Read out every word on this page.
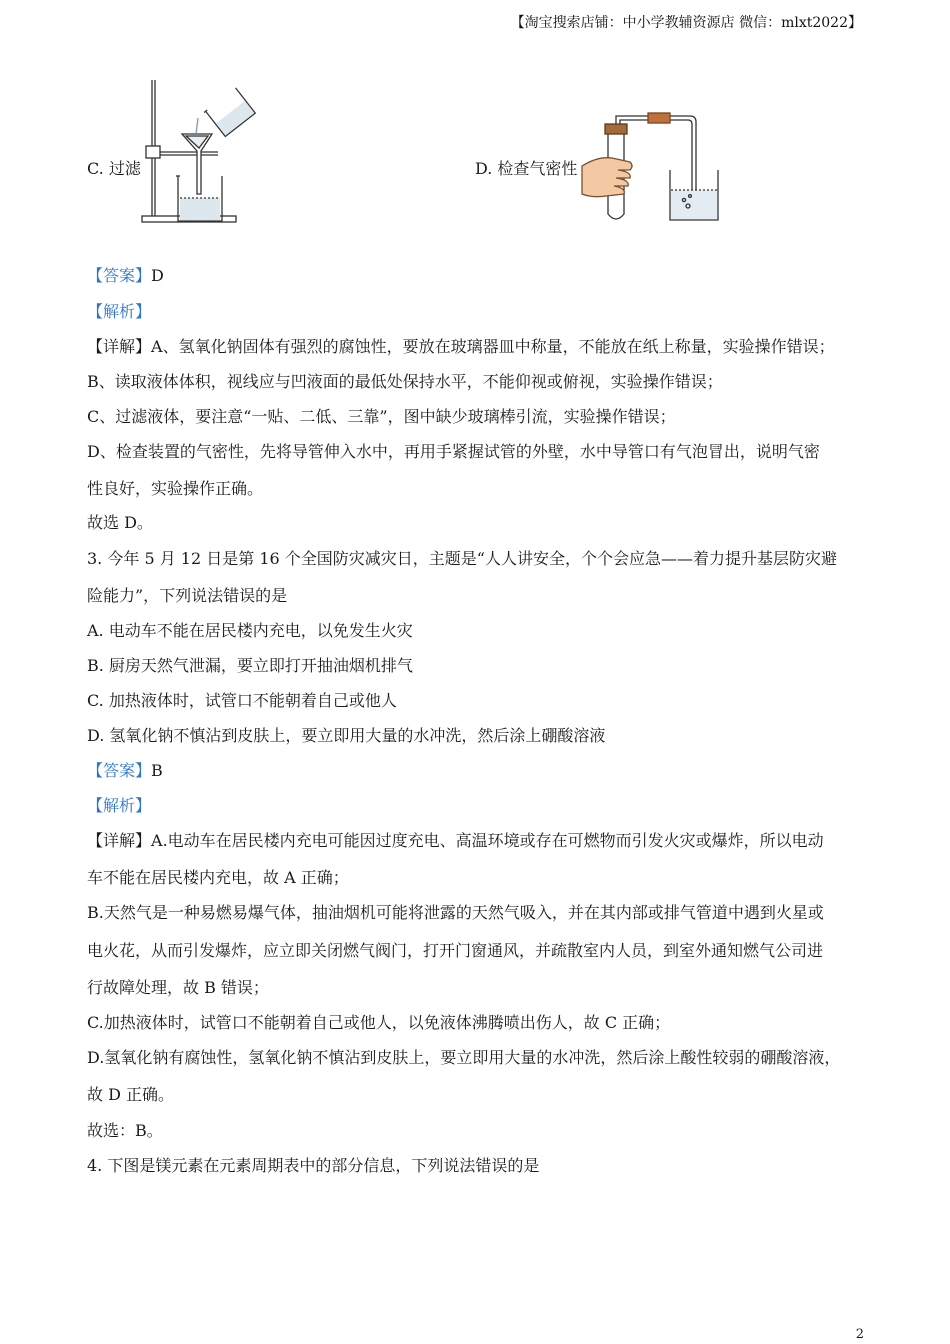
【淘宝搜索店铺：中小学教辅资源店 微信：mlxt2022】
C. 过滤	D. 检查气密性
【答案】D
【解析】
【详解】A、氢氧化钠固体有强烈的腐蚀性，要放在玻璃器皿中称量，不能放在纸上称量，实验操作错误；
B、读取液体体积，视线应与凹液面的最低处保持水平，不能仰视或俯视，实验操作错误；
C、过滤液体，要注意“一贴、二低、三靠”，图中缺少玻璃棒引流，实验操作错误；
D、检查装置的气密性，先将导管伸入水中，再用手紧握试管的外壁，水中导管口有气泡冒出，说明气密
性良好，实验操作正确。
故选 D。
3. 今年 5 月 12 日是第 16 个全国防灾减灾日，主题是“人人讲安全，个个会应急——着力提升基层防灾避
险能力”，下列说法错误的是
A. 电动车不能在居民楼内充电，以免发生火灾
B. 厨房天然气泄漏，要立即打开抽油烟机排气
C. 加热液体时，试管口不能朝着自己或他人
D. 氢氧化钠不慎沾到皮肤上，要立即用大量的水冲洗，然后涂上硼酸溶液
【答案】B
【解析】
【详解】A.电动车在居民楼内充电可能因过度充电、高温环境或存在可燃物而引发火灾或爆炸，所以电动
车不能在居民楼内充电，故 A 正确；
B.天然气是一种易燃易爆气体，抽油烟机可能将泄露的天然气吸入，并在其内部或排气管道中遇到火星或
电火花，从而引发爆炸，应立即关闭燃气阀门，打开门窗通风，并疏散室内人员，到室外通知燃气公司进
行故障处理，故 B 错误；
C.加热液体时，试管口不能朝着自己或他人，以免液体沸腾喷出伤人，故 C 正确；
D.氢氧化钠有腐蚀性，氢氧化钠不慎沾到皮肤上，要立即用大量的水冲洗，然后涂上酸性较弱的硼酸溶液，
故 D 正确。
故选：B。
4. 下图是镁元素在元素周期表中的部分信息，下列说法错误的是
2
